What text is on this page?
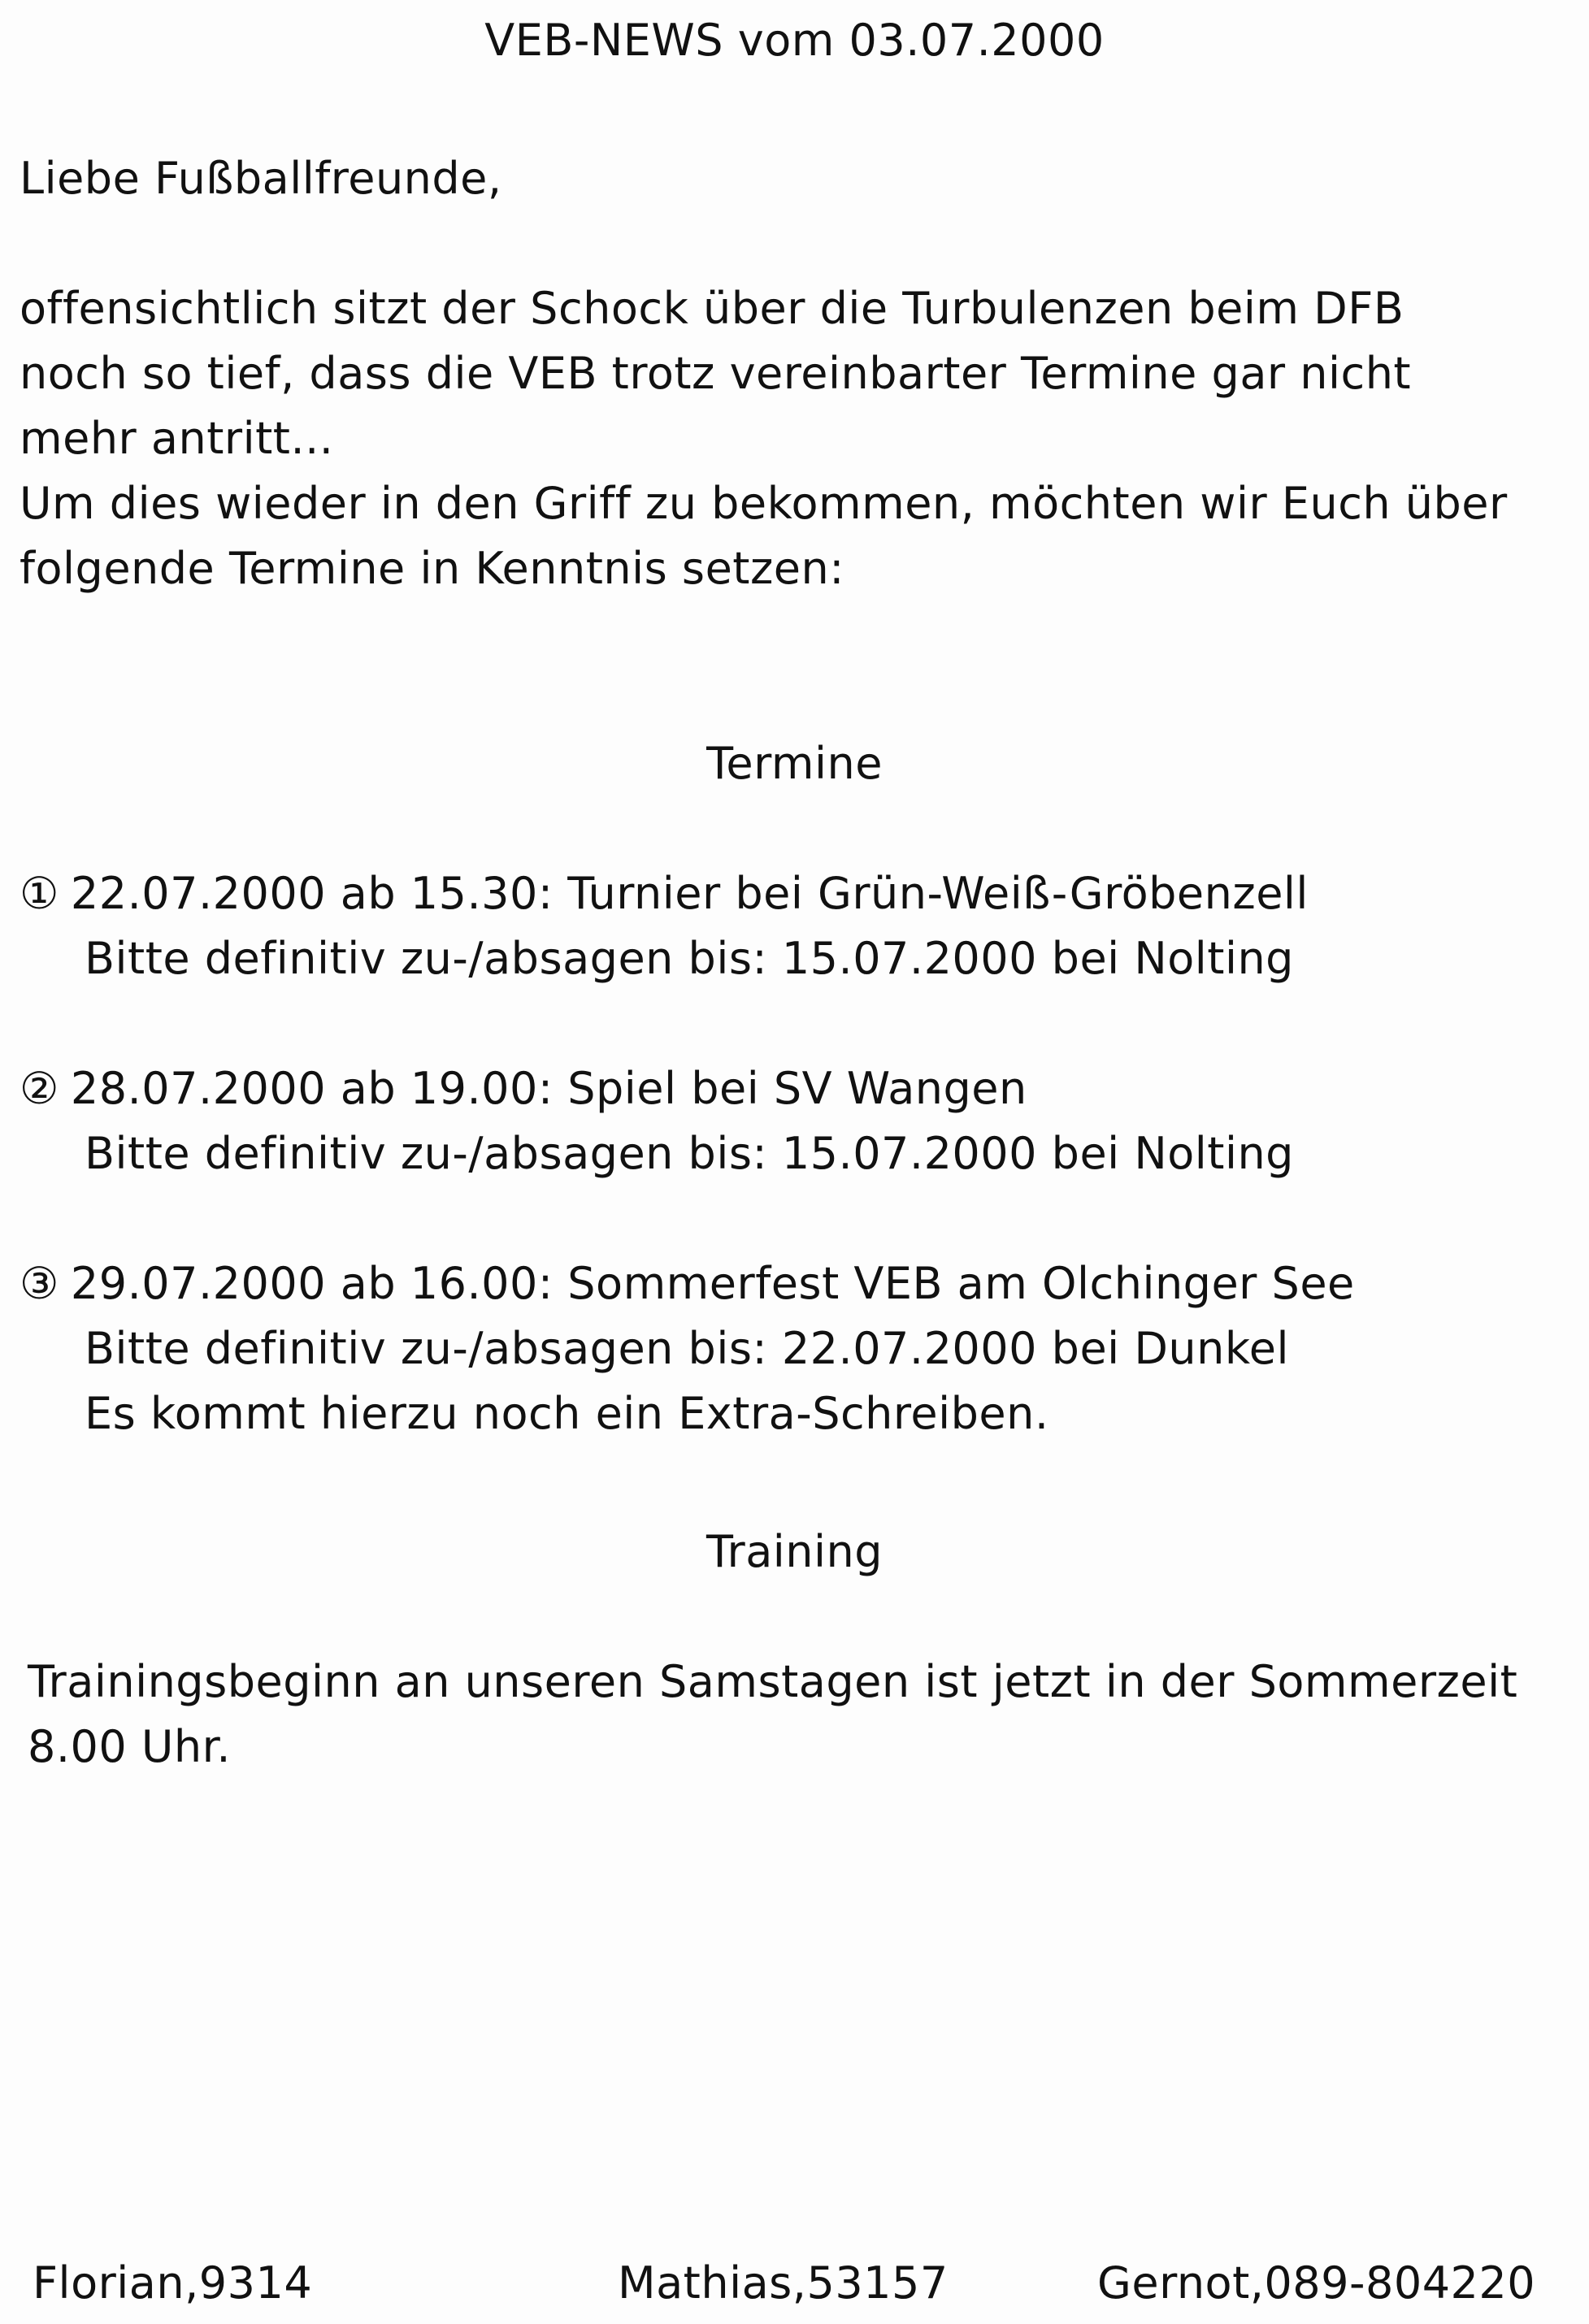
VEB-NEWS vom 03.07.2000
Liebe Fußballfreunde,
offensichtlich sitzt der Schock über die Turbulenzen beim DFB
noch so tief, dass die VEB trotz vereinbarter Termine gar nicht
mehr antritt...
Um dies wieder in den Griff zu bekommen, möchten wir Euch über
folgende Termine in Kenntnis setzen:
Termine
① 22.07.2000 ab 15.30: Turnier bei Grün-Weiß-Gröbenzell
Bitte definitiv zu-/absagen bis: 15.07.2000 bei Nolting
② 28.07.2000 ab 19.00: Spiel bei SV Wangen
Bitte definitiv zu-/absagen bis: 15.07.2000 bei Nolting
③ 29.07.2000 ab 16.00: Sommerfest VEB am Olchinger See
Bitte definitiv zu-/absagen bis: 22.07.2000 bei Dunkel
Es kommt hierzu noch ein Extra-Schreiben.
Training
Trainingsbeginn an unseren Samstagen ist jetzt in der Sommerzeit
8.00 Uhr.
Florian,9314	Mathias,53157	Gernot,089-804220
